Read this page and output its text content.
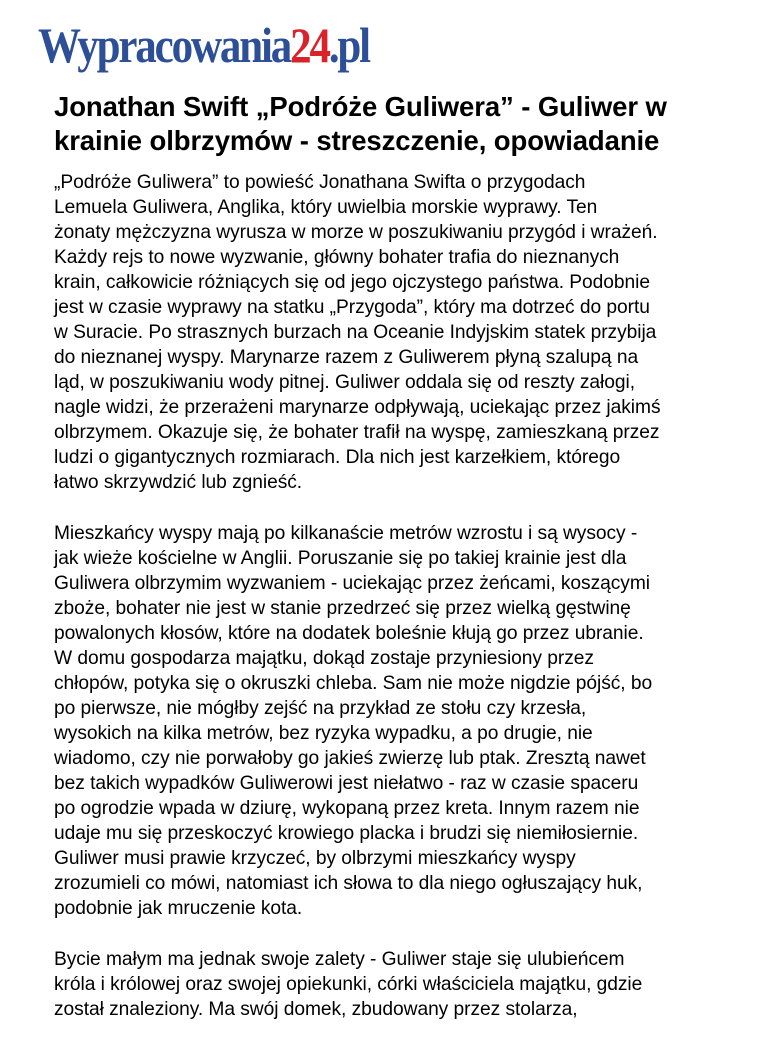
Wypracowania 24 .pl
Jonathan Swift „Podróże Guliwera” - Guliwer w
krainie olbrzymów - streszczenie, opowiadanie

„Podróże Guliwera” to powieść Jonathana Swifta o przygodach
Lemuela Guliwera, Anglika, który uwielbia morskie wyprawy. Ten
żonaty mężczyzna wyrusza w morze w poszukiwaniu przygód i wrażeń.
Każdy rejs to nowe wyzwanie, główny bohater trafia do nieznanych
krain, całkowicie różniących się od jego ojczystego państwa. Podobnie
jest w czasie wyprawy na statku „Przygoda”, który ma dotrzeć do portu
w Suracie. Po strasznych burzach na Oceanie Indyjskim statek przybija
do nieznanej wyspy. Marynarze razem z Guliwerem płyną szalupą na
ląd, w poszukiwaniu wody pitnej. Guliwer oddala się od reszty załogi,
nagle widzi, że przerażeni marynarze odpływają, uciekając przez jakimś
olbrzymem. Okazuje się, że bohater trafił na wyspę, zamieszkaną przez
ludzi o gigantycznych rozmiarach. Dla nich jest karzełkiem, którego
łatwo skrzywdzić lub zgnieść.

Mieszkańcy wyspy mają po kilkanaście metrów wzrostu i są wysocy -
jak wieże kościelne w Anglii. Poruszanie się po takiej krainie jest dla
Guliwera olbrzymim wyzwaniem - uciekając przez żeńcami, koszącymi
zboże, bohater nie jest w stanie przedrzeć się przez wielką gęstwinę
powalonych kłosów, które na dodatek boleśnie kłują go przez ubranie.
W domu gospodarza majątku, dokąd zostaje przyniesiony przez
chłopów, potyka się o okruszki chleba. Sam nie może nigdzie pójść, bo
po pierwsze, nie mógłby zejść na przykład ze stołu czy krzesła,
wysokich na kilka metrów, bez ryzyka wypadku, a po drugie, nie
wiadomo, czy nie porwałoby go jakieś zwierzę lub ptak. Zresztą nawet
bez takich wypadków Guliwerowi jest niełatwo - raz w czasie spaceru
po ogrodzie wpada w dziurę, wykopaną przez kreta. Innym razem nie
udaje mu się przeskoczyć krowiego placka i brudzi się niemiłosiernie.
Guliwer musi prawie krzyczeć, by olbrzymi mieszkańcy wyspy
zrozumieli co mówi, natomiast ich słowa to dla niego ogłuszający huk,
podobnie jak mruczenie kota.

Bycie małym ma jednak swoje zalety - Guliwer staje się ulubieńcem
króla i królowej oraz swojej opiekunki, córki właściciela majątku, gdzie
został znaleziony. Ma swój domek, zbudowany przez stolarza,
